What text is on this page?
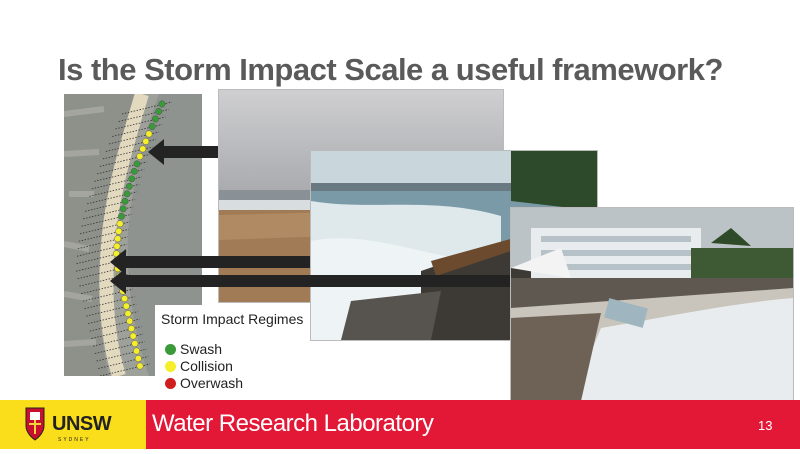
Is the Storm Impact Scale a useful framework?
Storm Impact Regimes
Swash
Collision
Overwash
UNSW
SYDNEY
Water Research Laboratory	13
